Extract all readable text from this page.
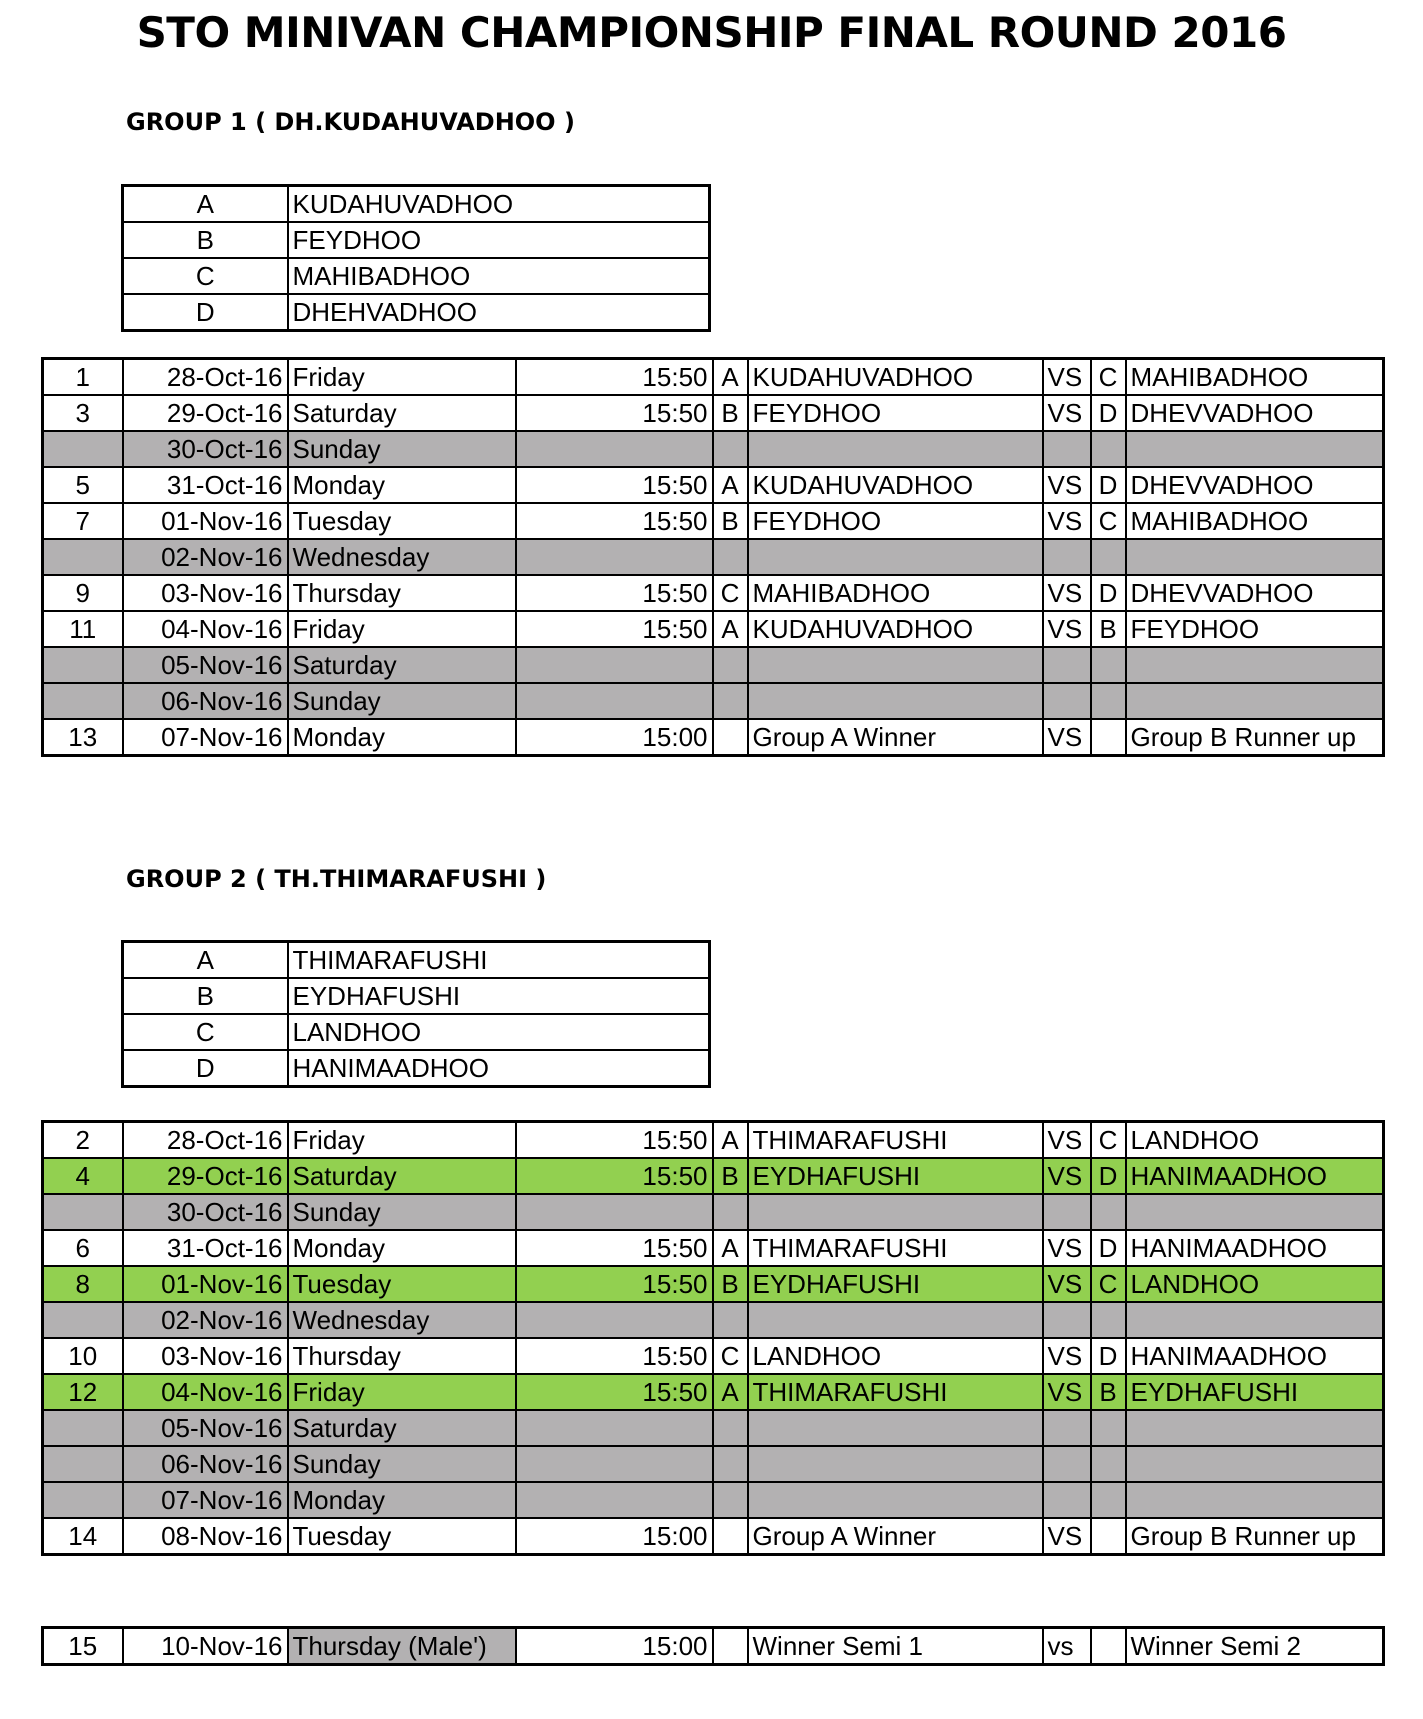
STO MINIVAN CHAMPIONSHIP FINAL ROUND 2016
GROUP 1 ( DH.KUDAHUVADHOO )
A	KUDAHUVADHOO
B	FEYDHOO
C	MAHIBADHOO
D	DHEHVADHOO
1	28-Oct-16	Friday	15:50	A	KUDAHUVADHOO	VS	C	MAHIBADHOO
3	29-Oct-16	Saturday	15:50	B	FEYDHOO	VS	D	DHEVVADHOO
	30-Oct-16	Sunday						
5	31-Oct-16	Monday	15:50	A	KUDAHUVADHOO	VS	D	DHEVVADHOO
7	01-Nov-16	Tuesday	15:50	B	FEYDHOO	VS	C	MAHIBADHOO
	02-Nov-16	Wednesday						
9	03-Nov-16	Thursday	15:50	C	MAHIBADHOO	VS	D	DHEVVADHOO
11	04-Nov-16	Friday	15:50	A	KUDAHUVADHOO	VS	B	FEYDHOO
	05-Nov-16	Saturday						
	06-Nov-16	Sunday						
13	07-Nov-16	Monday	15:00		Group A Winner	VS		Group B Runner up
GROUP 2 ( TH.THIMARAFUSHI )
A	THIMARAFUSHI
B	EYDHAFUSHI
C	LANDHOO
D	HANIMAADHOO
2	28-Oct-16	Friday	15:50	A	THIMARAFUSHI	VS	C	LANDHOO
4	29-Oct-16	Saturday	15:50	B	EYDHAFUSHI	VS	D	HANIMAADHOO
	30-Oct-16	Sunday						
6	31-Oct-16	Monday	15:50	A	THIMARAFUSHI	VS	D	HANIMAADHOO
8	01-Nov-16	Tuesday	15:50	B	EYDHAFUSHI	VS	C	LANDHOO
	02-Nov-16	Wednesday						
10	03-Nov-16	Thursday	15:50	C	LANDHOO	VS	D	HANIMAADHOO
12	04-Nov-16	Friday	15:50	A	THIMARAFUSHI	VS	B	EYDHAFUSHI
	05-Nov-16	Saturday						
	06-Nov-16	Sunday						
	07-Nov-16	Monday						
14	08-Nov-16	Tuesday	15:00		Group A Winner	VS		Group B Runner up
15	10-Nov-16	Thursday (Male')	15:00		Winner Semi 1	vs		Winner Semi 2
